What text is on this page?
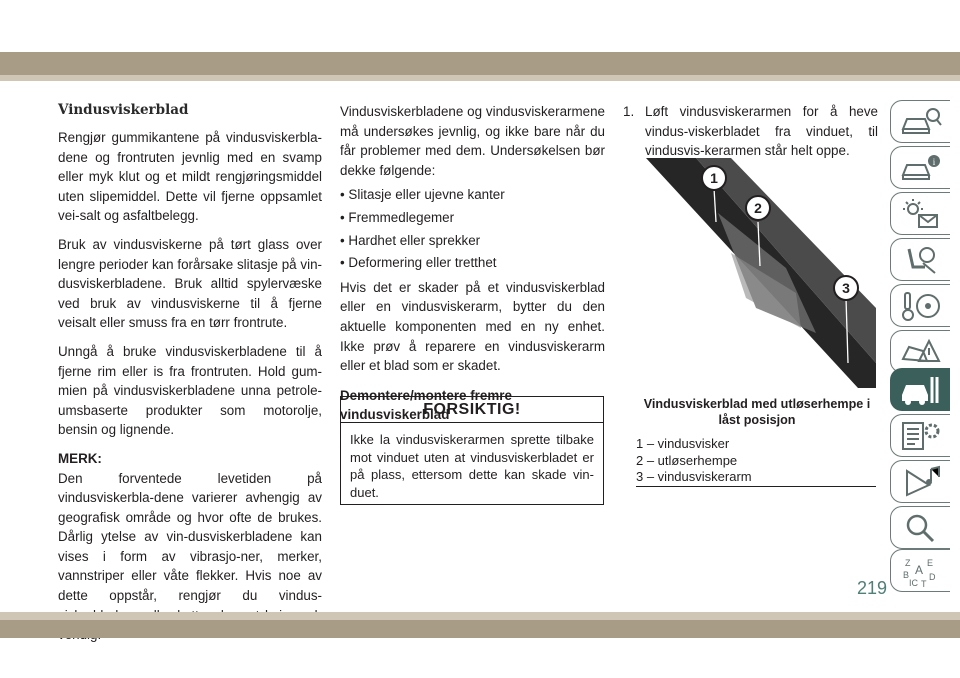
Vindusviskerblad

Rengjør gummikantene på vindusviskerbla-dene og frontruten jevnlig med en svamp eller myk klut og et mildt rengjøringsmiddel uten slipemiddel. Dette vil fjerne oppsamlet vei-salt og asfaltbelegg.

Bruk av vindusviskerne på tørt glass over lengre perioder kan forårsake slitasje på vin-dusviskerbladene. Bruk alltid spylervæske ved bruk av vindusviskerne til å fjerne veisalt eller smuss fra en tørr frontrute.

Unngå å bruke vindusviskerbladene til å fjerne rim eller is fra frontruten. Hold gum-mien på vindusviskerbladene unna petrole-umsbaserte produkter som motorolje, bensin og lignende.

MERK:

Den forventede levetiden på vindusviskerbla-dene varierer avhengig av geografisk område og hvor ofte de brukes. Dårlig ytelse av vin-dusviskerbladene kan vises i form av vibrasjo-ner, merker, vannstriper eller våte flekker. Hvis noe av dette oppstår, rengjør du vindus-

Vindusviskerbladene og vindusviskerarmene må undersøkes jevnlig, og ikke bare når du får problemer med dem. Undersøkelsen bør dekke følgende:

• Slitasje eller ujevne kanter

• Fremmedlegemer

• Hardhet eller sprekker

• Deformering eller tretthet

Hvis det er skader på et vindusviskerblad eller en vindusviskerarm, bytter du den aktuelle komponenten med en ny enhet. Ikke prøv å reparere en vindusviskerarm eller et blad som er skadet.

Demontere/montere fremre vindusviskerblad

FORSIKTIG!
Ikke la vindusviskerarmen sprette tilbake mot vinduet uten at vindusviskerbladet er på plass, ettersom dette kan skade vin-duet.
1. Løft vindusviskerarmen for å heve vindus-viskerbladet fra vinduet, til vindusvis-kerarmen står helt oppe.
1
2
3
Vindusviskerblad med utløserhempe i låst posisjon
1 – vindusvisker
2 – utløserhempe
3 – vindusviskerarm
i
Z A
B
E
D
IC T
219
